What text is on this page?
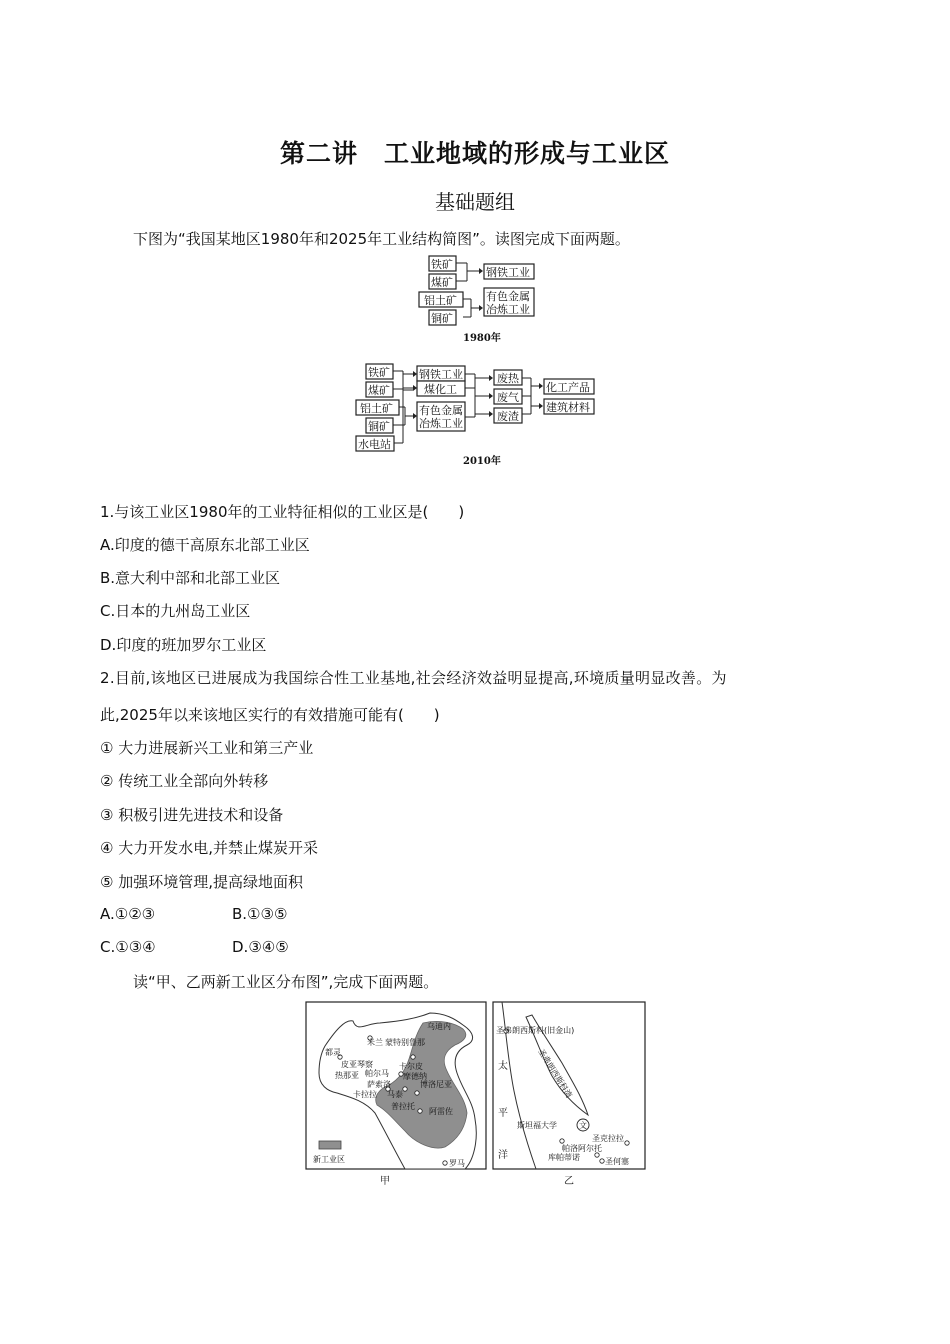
第二讲　工业地域的形成与工业区
基础题组
下图为“我国某地区1980年和2025年工业结构简图”。读图完成下面两题。
铁矿
煤矿
铝土矿
铜矿
钢铁工业
有色金属
冶炼工业
1980年
铁矿
煤矿
铝土矿
铜矿
水电站
钢铁工业
煤化工
有色金属
冶炼工业
废热
废气
废渣
化工产品
建筑材料
2010年
1.与该工业区1980年的工业特征相似的工业区是(　　)
A.印度的德干高原东北部工业区
B.意大利中部和北部工业区
C.日本的九州岛工业区
D.印度的班加罗尔工业区
2.目前,该地区已进展成为我国综合性工业基地,社会经济效益明显提高,环境质量明显改善。为
此,2025年以来该地区实行的有效措施可能有(　　)
① 大力进展新兴工业和第三产业
② 传统工业全部向外转移
③ 积极引进先进技术和设备
④ 大力开发水电,并禁止煤炭开采
⑤ 加强环境管理,提高绿地面积
A.①②③	B.①③⑤
C.①③④	D.③④⑤
读“甲、乙两新工业区分布图”,完成下面两题。
乌迪内
米兰 蒙特别鲁那
都灵
皮亚琴察	卡尔皮
热那亚 帕尔马
萨索洛
摩德纳
博洛尼亚
卡拉拉 马泰
普拉托
阿雷佐
罗马
新工业区
甲
文
圣弗朗西斯科(旧金山)
圣弗朗西斯科湾
太
平
洋
斯坦福大学
帕洛阿尔托
圣克拉拉
库帕蒂诺	圣何塞
乙
